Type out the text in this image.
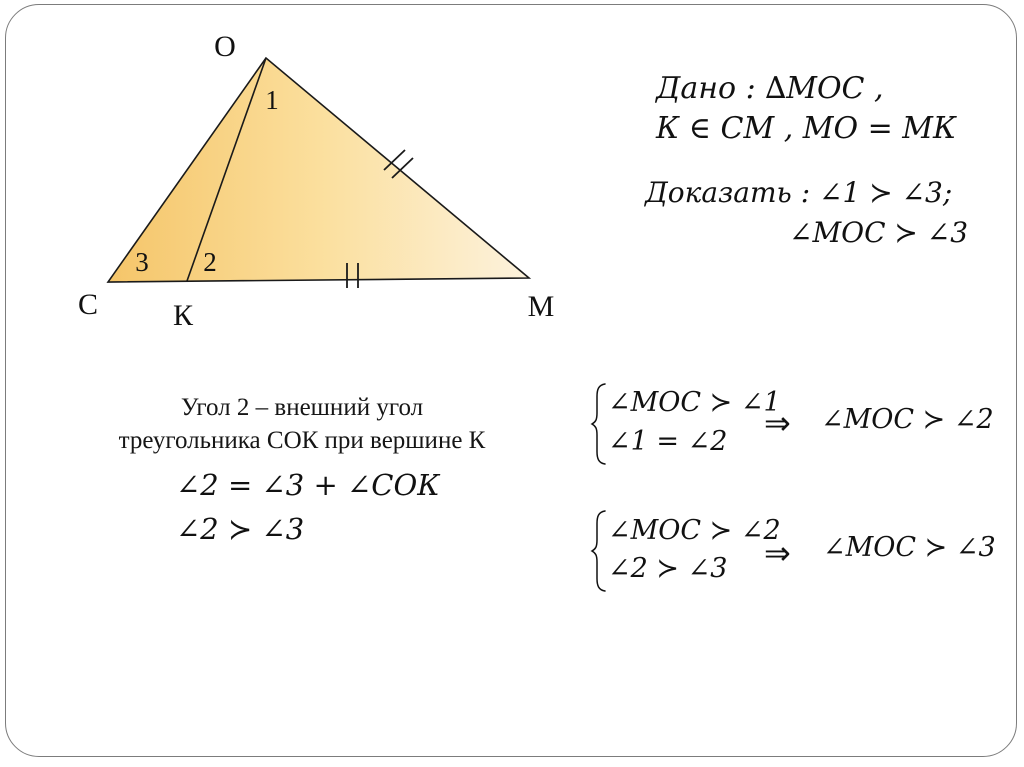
O
C К	М
1
2
3
Дано : ∆МОС ,
К ∈ СМ , МО = МК
Доказать : ∠1 ≻ ∠3;
∠МОС ≻ ∠3
Угол 2 – внешний угол
треугольника СОК при вершине К
∠2 = ∠3 + ∠СОК
∠2 ≻ ∠3
∠МОС ≻ ∠1
∠1 = ∠2 ⇒ ∠МОС ≻ ∠2
∠МОС ≻ ∠2
∠2 ≻ ∠3 ⇒ ∠МОС ≻ ∠3
